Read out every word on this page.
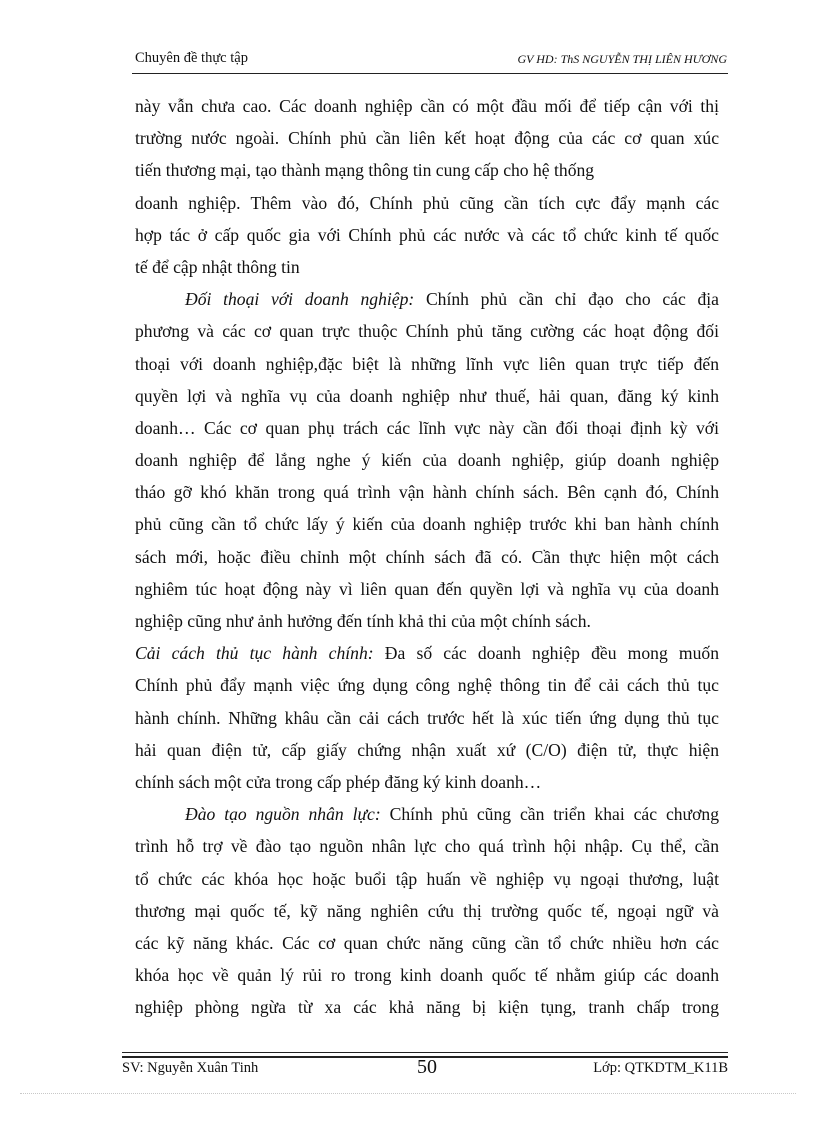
Chuyên đề thực tập	GV HD: ThS NGUYỄN THỊ LIÊN HƯƠNG
này vẫn chưa cao. Các doanh nghiệp cần có một đầu mối để tiếp cận với thị
trường nước ngoài. Chính phủ cần liên kết hoạt động của các cơ quan xúc
tiến thương mại, tạo thành mạng thông tin cung cấp cho hệ thống
doanh nghiệp. Thêm vào đó, Chính phủ cũng cần tích cực đẩy mạnh các
hợp tác ở cấp quốc gia với Chính phủ các nước và các tổ chức kinh tế quốc
tế để cập nhật thông tin
Đối thoại với doanh nghiệp: Chính phủ cần chỉ đạo cho các địa
phương và các cơ quan trực thuộc Chính phủ tăng cường các hoạt động đối
thoại với doanh nghiệp,đặc biệt là những lĩnh vực liên quan trực tiếp đến
quyền lợi và nghĩa vụ của doanh nghiệp như thuế, hải quan, đăng ký kinh
doanh… Các cơ quan phụ trách các lĩnh vực này cần đối thoại định kỳ với
doanh nghiệp để lắng nghe ý kiến của doanh nghiệp, giúp doanh nghiệp
tháo gỡ khó khăn trong quá trình vận hành chính sách. Bên cạnh đó, Chính
phủ cũng cần tổ chức lấy ý kiến của doanh nghiệp trước khi ban hành chính
sách mới, hoặc điều chỉnh một chính sách đã có. Cần thực hiện một cách
nghiêm túc hoạt động này vì liên quan đến quyền lợi và nghĩa vụ của doanh
nghiệp cũng như ảnh hưởng đến tính khả thi của một chính sách.
Cải cách thủ tục hành chính: Đa số các doanh nghiệp đều mong muốn
Chính phủ đẩy mạnh việc ứng dụng công nghệ thông tin để cải cách thủ tục
hành chính. Những khâu cần cải cách trước hết là xúc tiến ứng dụng thủ tục
hải quan điện tử, cấp giấy chứng nhận xuất xứ (C/O) điện tử, thực hiện
chính sách một cửa trong cấp phép đăng ký kinh doanh…
Đào tạo nguồn nhân lực: Chính phủ cũng cần triển khai các chương
trình hỗ trợ về đào tạo nguồn nhân lực cho quá trình hội nhập. Cụ thể, cần
tổ chức các khóa học hoặc buổi tập huấn về nghiệp vụ ngoại thương, luật
thương mại quốc tế, kỹ năng nghiên cứu thị trường quốc tế, ngoại ngữ và
các kỹ năng khác. Các cơ quan chức năng cũng cần tổ chức nhiều hơn các
khóa học về quản lý rủi ro trong kinh doanh quốc tế nhằm giúp các doanh
nghiệp phòng ngừa từ xa các khả năng bị kiện tụng, tranh chấp trong
SV: Nguyễn Xuân Tinh	50	Lớp: QTKDTM_K11B
